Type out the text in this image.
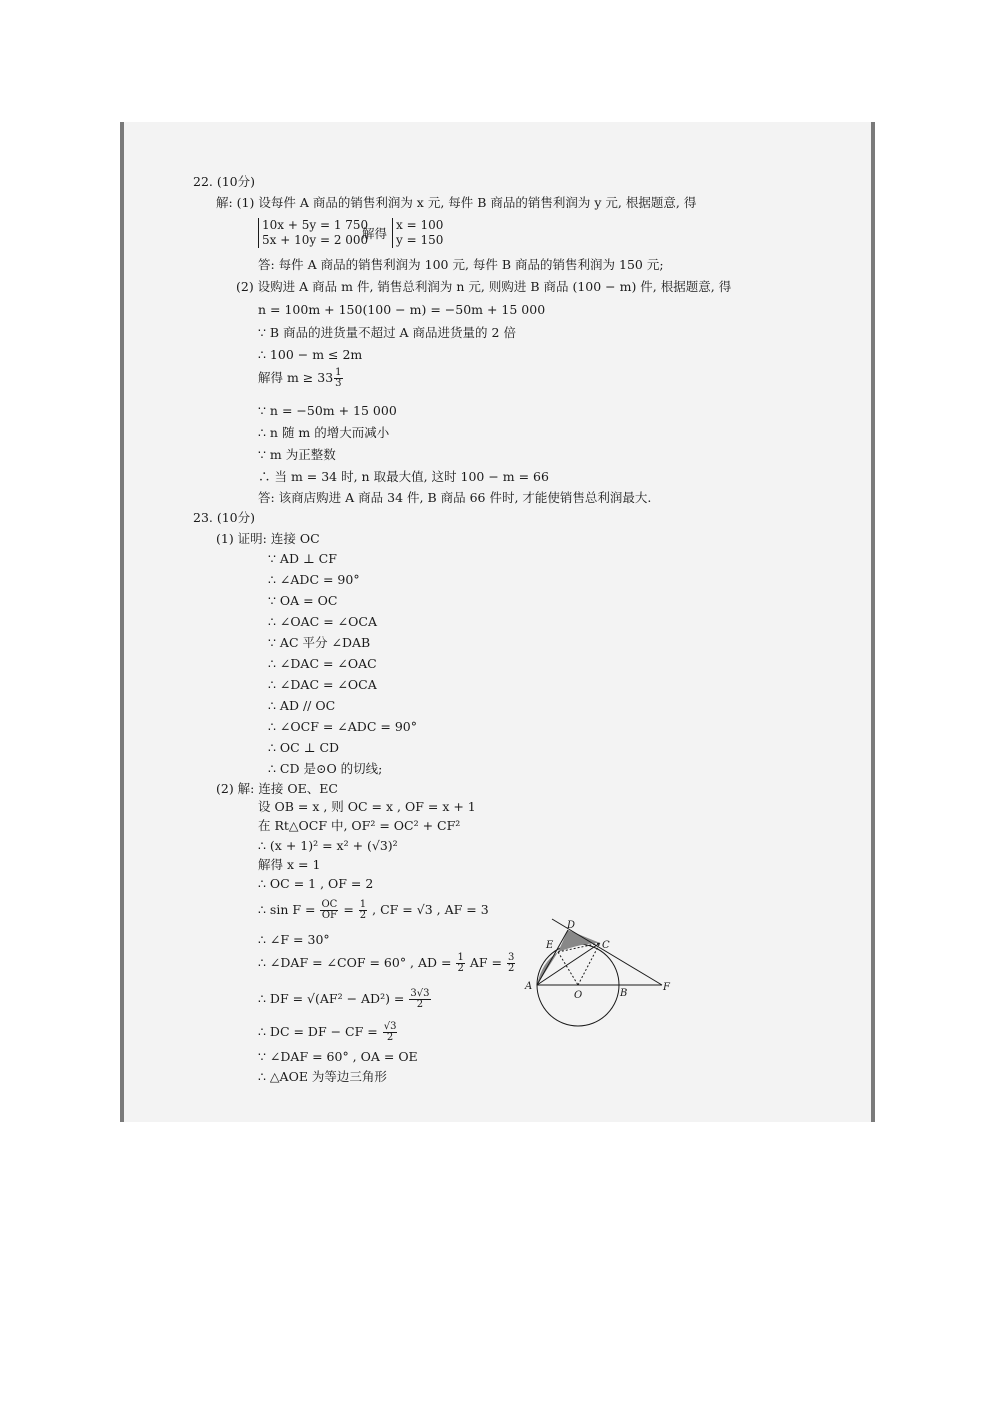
22. (10分)
解: (1) 设每件 A 商品的销售利润为 x 元, 每件 B 商品的销售利润为 y 元, 根据题意, 得
10x + 5y = 1 750
5x + 10y = 2 000
解得
x = 100
y = 150
答: 每件 A 商品的销售利润为 100 元, 每件 B 商品的销售利润为 150 元;
(2) 设购进 A 商品 m 件, 销售总利润为 n 元, 则购进 B 商品 (100 − m) 件, 根据题意, 得
n = 100m + 150(100 − m) = −50m + 15 000
∵ B 商品的进货量不超过 A 商品进货量的 2 倍
∴ 100 − m ≤ 2m
解得 $m \ge 33 \frac{1}{3}$
∵ n = −50m + 15 000
∴ n 随 m 的增大而减小
∵ m 为正整数
∴ 当 m = 34 时, n 取最大值, 这时 100 − m = 66
答: 该商店购进 A 商品 34 件, B 商品 66 件时, 才能使销售总利润最大.
23. (10分)
(1) 证明: 连接 OC
∵ AD ⊥ CF
∴ ∠ADC = 90°
∵ OA = OC
∴ ∠OAC = ∠OCA
∵ AC 平分 ∠DAB
∴ ∠DAC = ∠OAC
∴ ∠DAC = ∠OCA
∴ AD // OC
∴ ∠OCF = ∠ADC = 90°
∴ OC ⊥ CD
∴ CD 是⊙O 的切线;
(2) 解: 连接 OE、EC
设 OB = x , 则 OC = x , OF = x + 1
在 Rt△OCF 中, OF² = OC² + CF²
∴ (x + 1)² = x² + (√3)²
解得 x = 1
∴ OC = 1 , OF = 2
∴ $\sin F = \frac{OC}{OF} = \frac{1}{2}$ , CF = √3 , AF = 3
∴ ∠F = 30°
∴ ∠DAF = ∠COF = 60° , AD = $\frac{1}{2}$ AF = $\frac{3}{2}$
∴ DF = $√(AF^2 - AD^2) = \frac{3√3}{2}$
∴ DC = DF − CF = $\frac{√3}{2}$
∵ ∠DAF = 60° , OA = OE
∴ △AOE 为等边三角形
D
E	C
A
O	B
F
